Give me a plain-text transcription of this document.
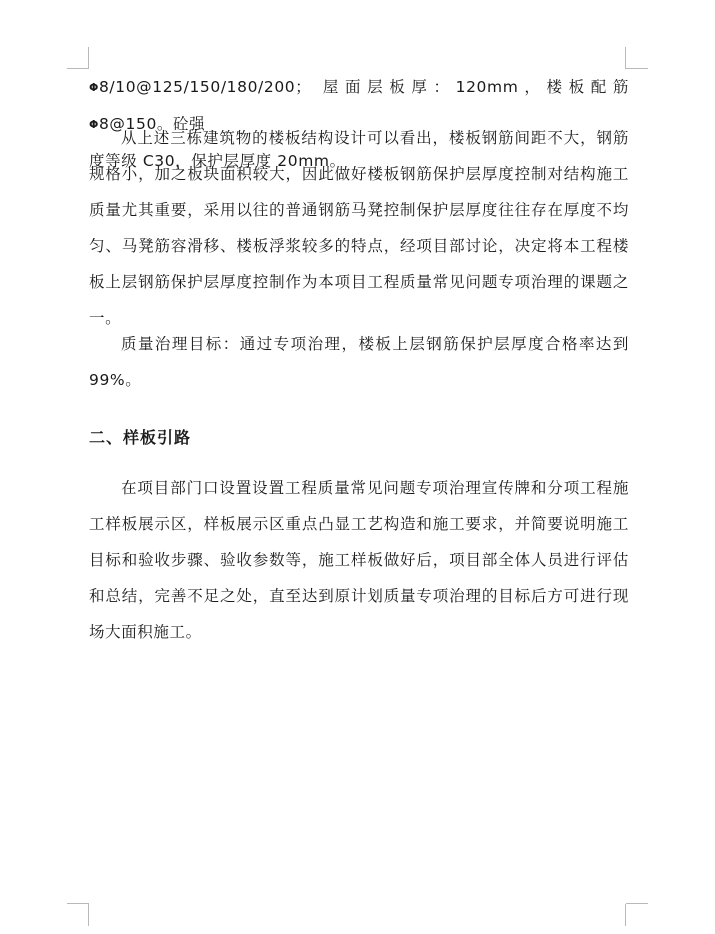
Φ8/10@125/150/180/200； 屋面层板厚：120mm，楼板配筋Φ8@150。砼强

度等级 C30，保护层厚度 20mm。

从上述三栋建筑物的楼板结构设计可以看出，楼板钢筋间距不大，钢筋规格小，加之板块面积较大，因此做好楼板钢筋保护层厚度控制对结构施工质量尤其重要，采用以往的普通钢筋马凳控制保护层厚度往往存在厚度不均匀、马凳筋容滑移、楼板浮浆较多的特点，经项目部讨论，决定将本工程楼板上层钢筋保护层厚度控制作为本项目工程质量常见问题专项治理的课题之一。

质量治理目标：通过专项治理，楼板上层钢筋保护层厚度合格率达到 99%。

二、样板引路

在项目部门口设置设置工程质量常见问题专项治理宣传牌和分项工程施工样板展示区，样板展示区重点凸显工艺构造和施工要求，并简要说明施工目标和验收步骤、验收参数等，施工样板做好后，项目部全体人员进行评估和总结，完善不足之处，直至达到原计划质量专项治理的目标后方可进行现场大面积施工。
